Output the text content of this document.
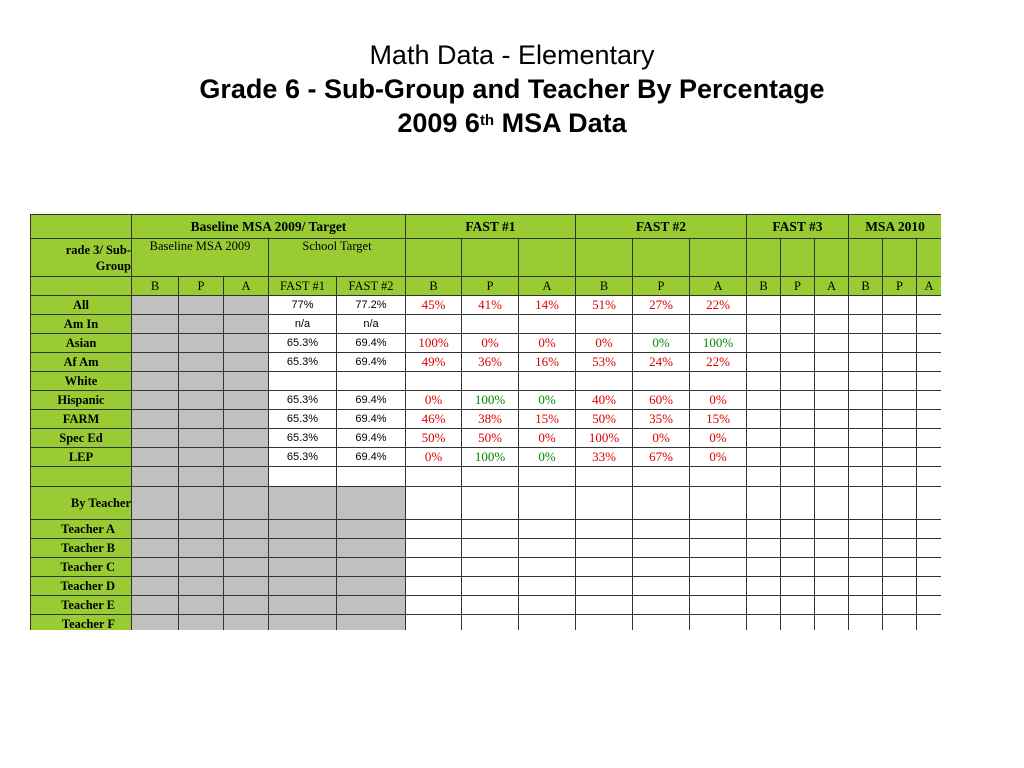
Math Data - Elementary
Grade 6 - Sub-Group and Teacher By Percentage
2009 6th MSA Data
	Baseline MSA 2009/ Target					FAST #1			FAST #2			FAST #3			MSA 2010		
rade 3/ Sub-Group	Baseline MSA 2009			School Target													
	B	P	A	FAST #1	FAST #2	B	P	A	B	P	A	B	P	A	B	P	A
All				77%	77.2%	45%	41%	14%	51%	27%	22%						
Am In				n/a	n/a												
Asian				65.3%	69.4%	100%	0%	0%	0%	0%	100%						
Af Am				65.3%	69.4%	49%	36%	16%	53%	24%	22%						
White																	
Hispanic				65.3%	69.4%	0%	100%	0%	40%	60%	0%						
FARM				65.3%	69.4%	46%	38%	15%	50%	35%	15%						
Spec Ed				65.3%	69.4%	50%	50%	0%	100%	0%	0%						
LEP				65.3%	69.4%	0%	100%	0%	33%	67%	0%						

By Teacher																	
Teacher A																	
Teacher B																	
Teacher C																	
Teacher D																	
Teacher E																	
Teacher F																	
